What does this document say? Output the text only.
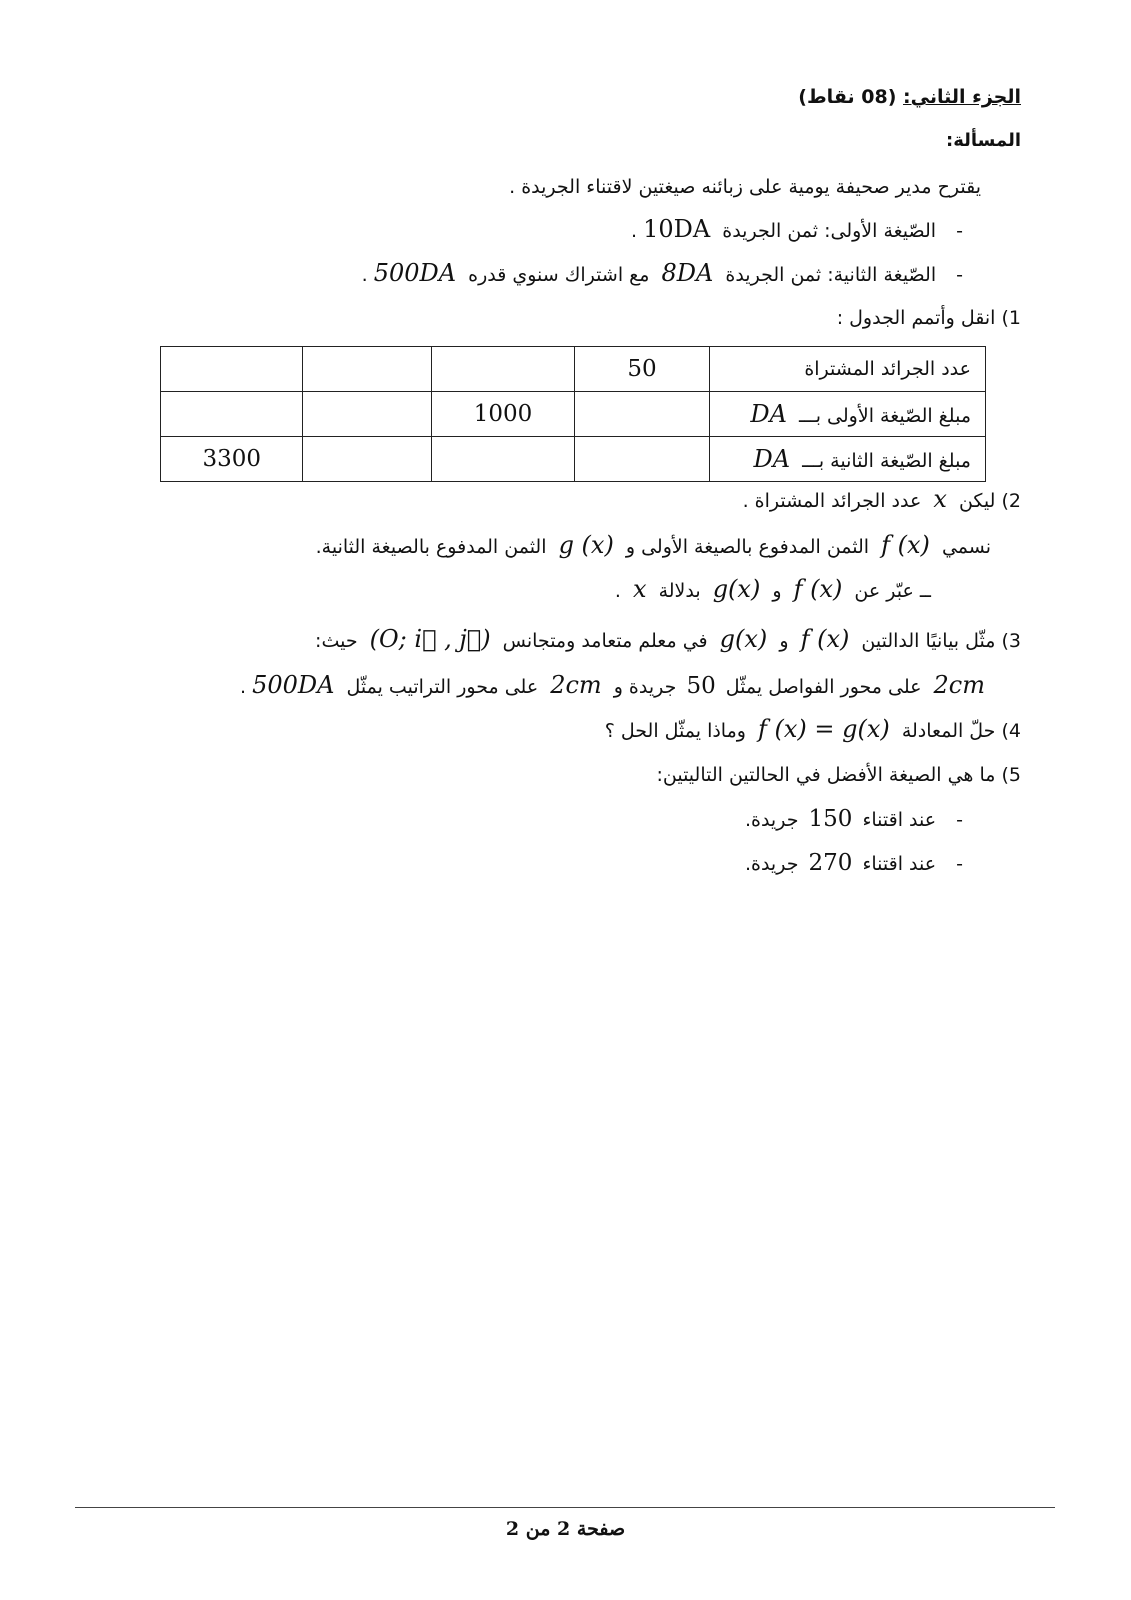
الجزء الثاني: (08 نقاط)
المسألة:
يقترح مدير صحيفة يومية على زبائنه صيغتين لاقتناء الجريدة .
- الصّيغة الأولى: ثمن الجريدة 10DA.
- الصّيغة الثانية: ثمن الجريدة 8DA مع اشتراك سنوي قدره 500DA.
1) انقل وأتمم الجدول :
عدد الجرائد المشتراة	50			
مبلغ الصّيغة الأولى بـــ DA		1000		
مبلغ الصّيغة الثانية بـــ DA				3300
2) ليكن x عدد الجرائد المشتراة .
نسمي f (x) الثمن المدفوع بالصيغة الأولى و g (x) الثمن المدفوع بالصيغة الثانية.
ــ عبّر عن f (x) و g(x) بدلالة x .
3) مثّل بيانيًا الدالتين f (x) و g(x) في معلم متعامد ومتجانس (O; i⃗ , j⃗) حيث:
2cm على محور الفواصل يمثّل 50 جريدة و 2cm على محور التراتيب يمثّل 500DA.
4) حلّ المعادلة f (x) = g(x) وماذا يمثّل الحل ؟
5) ما هي الصيغة الأفضل في الحالتين التاليتين:
- عند اقتناء 150 جريدة.
- عند اقتناء 270 جريدة.
صفحة 2 من 2
